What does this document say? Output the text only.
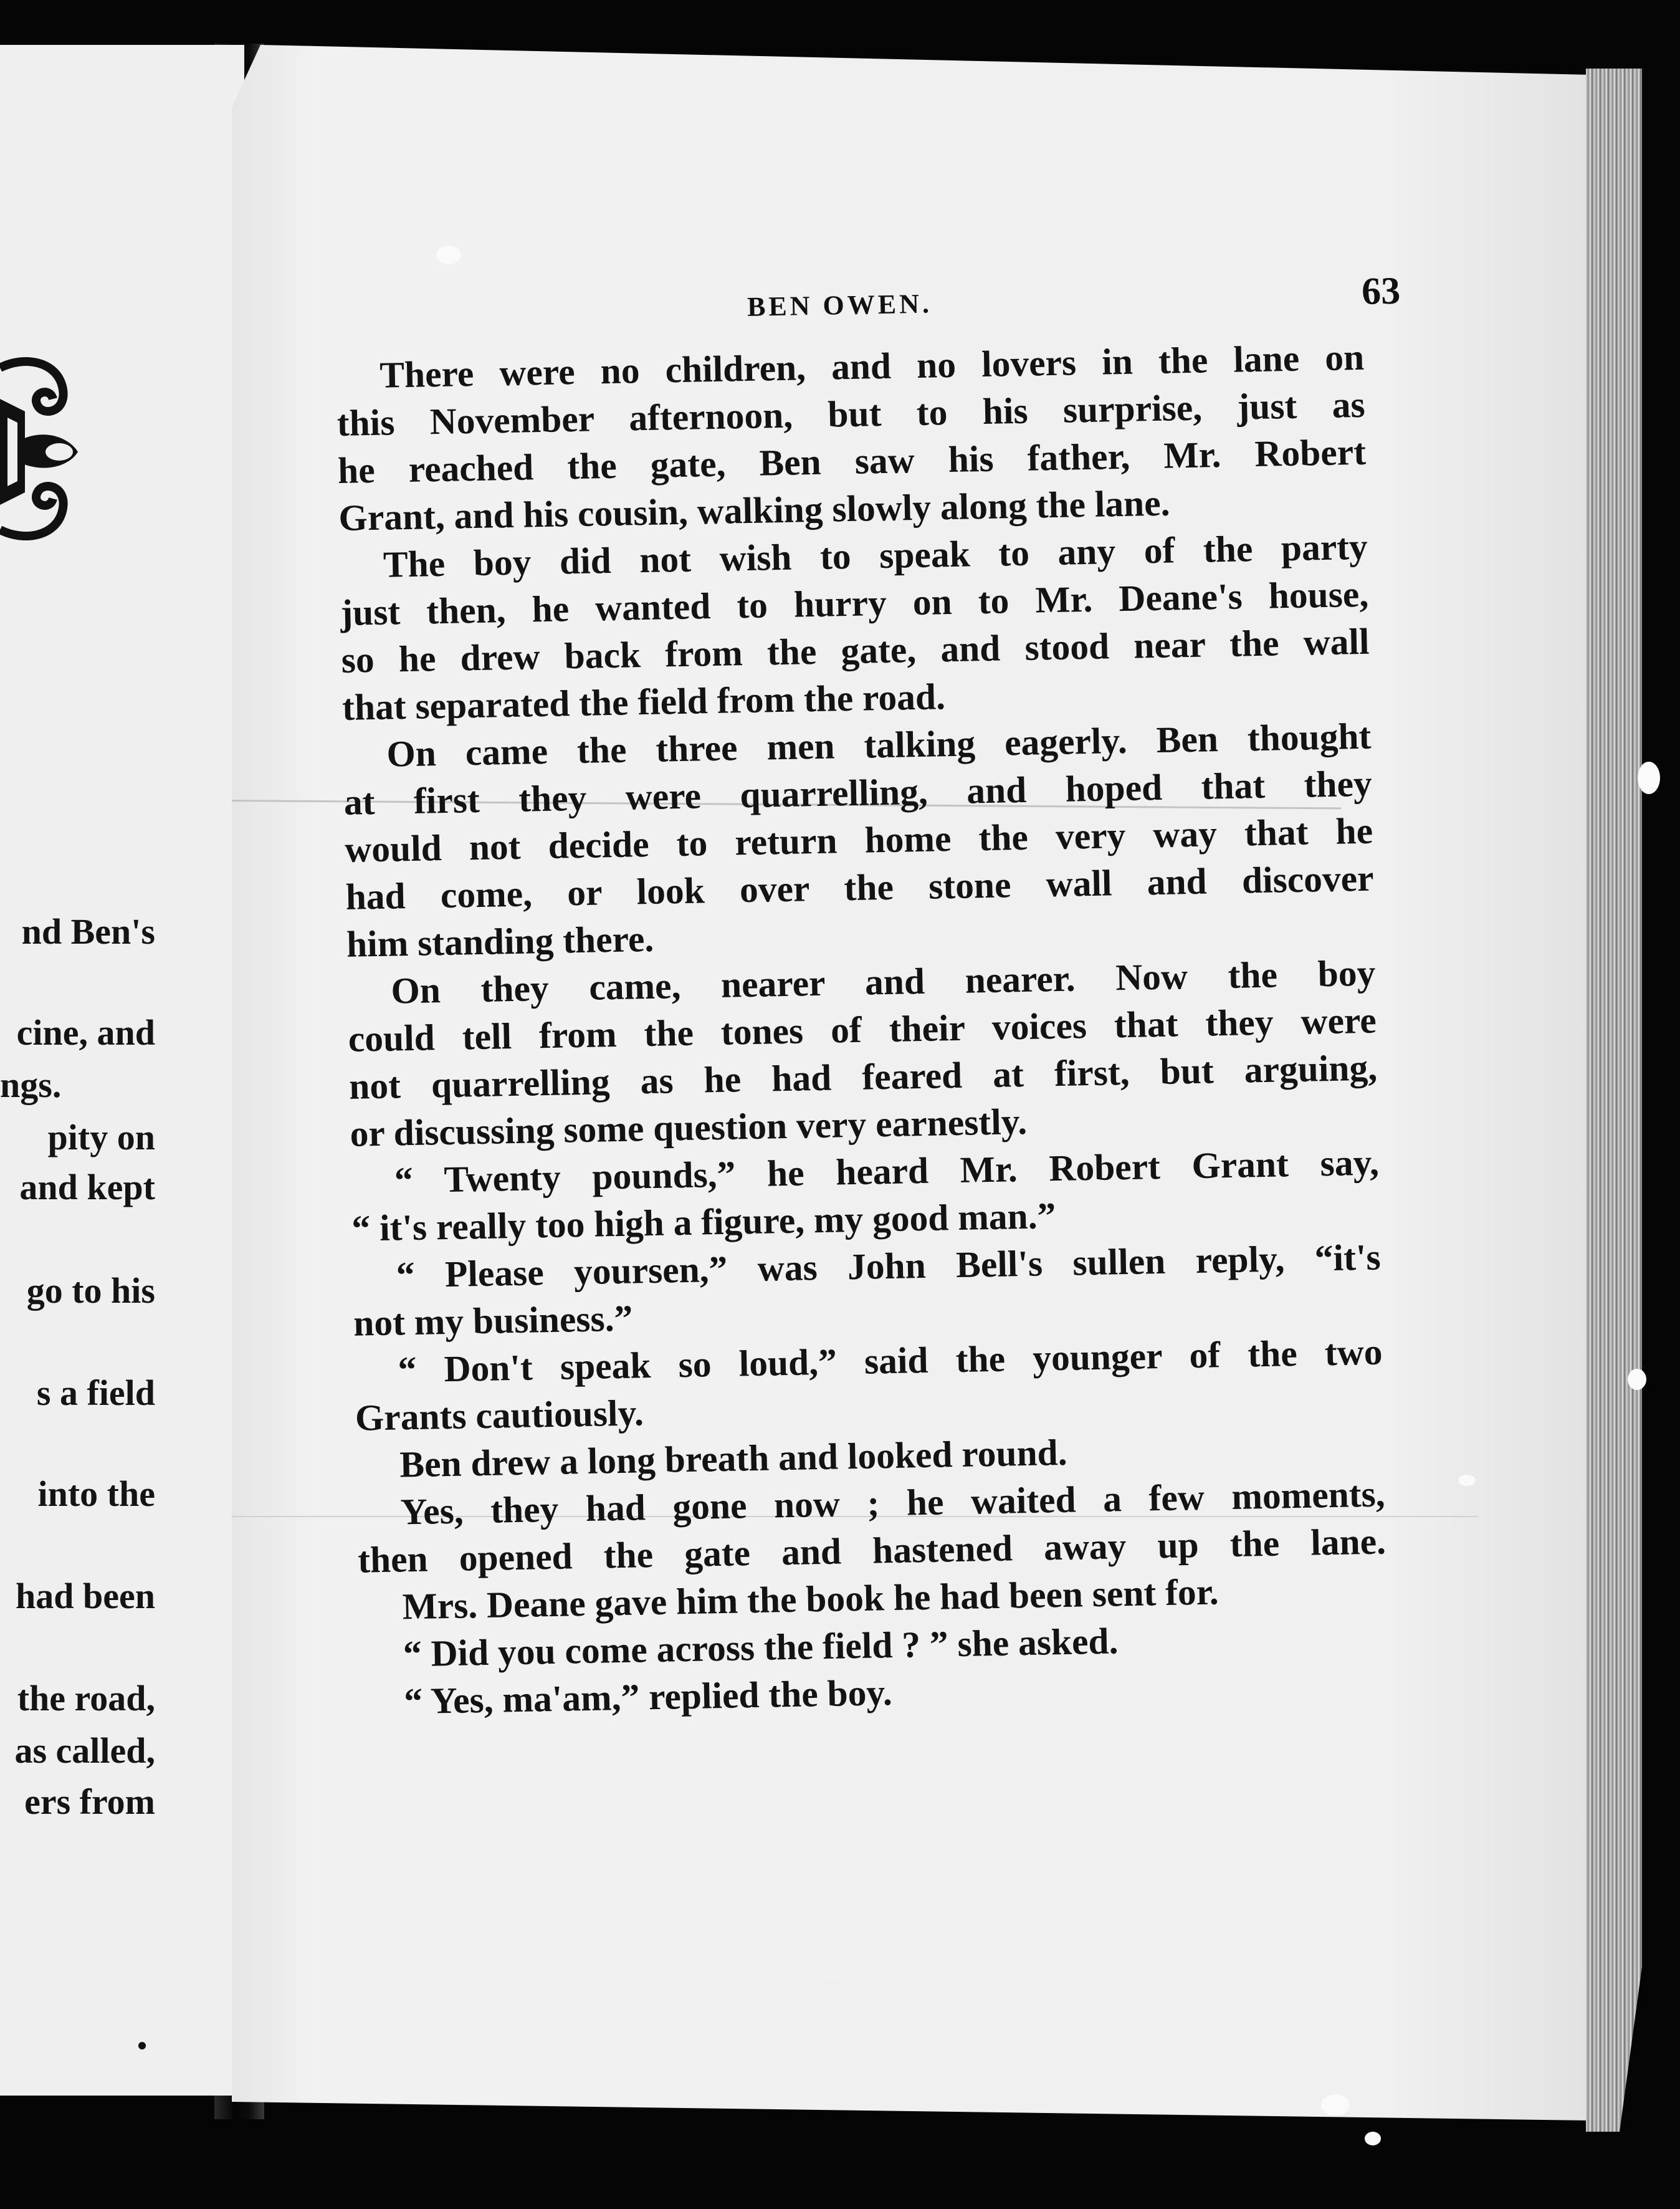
nd Ben's
cine, and
ngs.
pity on
and kept
go to his
s a field
into the
had been
the road,
as called,
ers from
BEN OWEN.	63
There were no children, and no lovers in the lane on
this November afternoon, but to his surprise, just as
he reached the gate, Ben saw his father, Mr. Robert
Grant, and his cousin, walking slowly along the lane.
The boy did not wish to speak to any of the party
just then, he wanted to hurry on to Mr. Deane's house,
so he drew back from the gate, and stood near the wall
that separated the field from the road.
On came the three men talking eagerly. Ben thought
at first they were quarrelling, and hoped that they
would not decide to return home the very way that he
had come, or look over the stone wall and discover
him standing there.
On they came, nearer and nearer. Now the boy
could tell from the tones of their voices that they were
not quarrelling as he had feared at first, but arguing,
or discussing some question very earnestly.
“ Twenty pounds,” he heard Mr. Robert Grant say,
“ it's really too high a figure, my good man.”
“ Please yoursen,” was John Bell's sullen reply, “it's
not my business.”
“ Don't speak so loud,” said the younger of the two
Grants cautiously.
Ben drew a long breath and looked round.
Yes, they had gone now ; he waited a few moments,
then opened the gate and hastened away up the lane.
Mrs. Deane gave him the book he had been sent for.
“ Did you come across the field ? ” she asked.
“ Yes, ma'am,” replied the boy.
